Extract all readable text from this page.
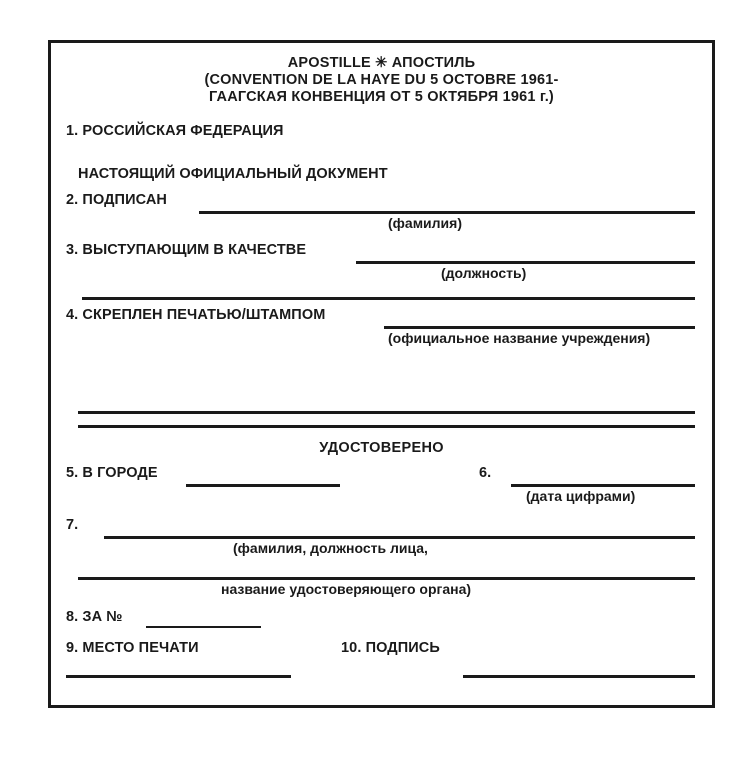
APOSTILLE ✳ АПОСТИЛЬ
(CONVENTION DE LA HAYE DU 5 OCTOBRE 1961-
ГААГСКАЯ КОНВЕНЦИЯ ОТ 5 ОКТЯБРЯ 1961 г.)
1. РОССИЙСКАЯ ФЕДЕРАЦИЯ
НАСТОЯЩИЙ ОФИЦИАЛЬНЫЙ ДОКУМЕНТ
2. ПОДПИСАН
(фамилия)
3. ВЫСТУПАЮЩИМ В КАЧЕСТВЕ
(должность)
4. СКРЕПЛЕН ПЕЧАТЬЮ/ШТАМПОМ
(официальное название учреждения)
УДОСТОВЕРЕНО
5. В ГОРОДЕ	6.
(дата цифрами)
7.
(фамилия, должность лица,
название удостоверяющего органа)
8. ЗА №
9. МЕСТО ПЕЧАТИ	10. ПОДПИСЬ
